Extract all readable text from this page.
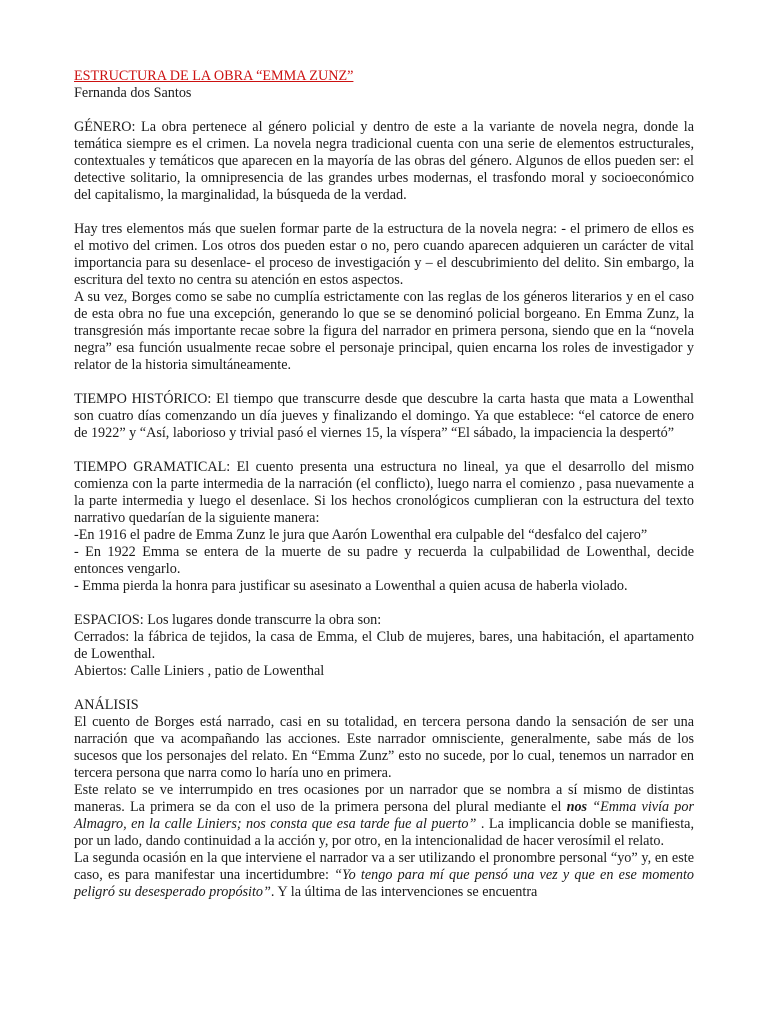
ESTRUCTURA DE LA OBRA “EMMA ZUNZ”

Fernanda dos Santos

GÉNERO: La obra pertenece al género policial y dentro de este a la variante de novela negra, donde la temática siempre es el crimen. La novela negra tradicional cuenta con una serie de elementos estructurales, contextuales y temáticos que aparecen en la mayoría de las obras del género. Algunos de ellos pueden ser: el detective solitario, la omnipresencia de las grandes urbes modernas, el trasfondo moral y socioeconómico del capitalismo, la marginalidad, la búsqueda de la verdad.

Hay tres elementos más que suelen formar parte de la estructura de la novela negra: - el primero de ellos es el motivo del crimen. Los otros dos pueden estar o no, pero cuando aparecen adquieren un carácter de vital importancia para su desenlace- el proceso de investigación y – el descubrimiento del delito. Sin embargo, la escritura del texto no centra su atención en estos aspectos.

A su vez, Borges como se sabe no cumplía estrictamente con las reglas de los géneros literarios y en el caso de esta obra no fue una excepción, generando lo que se se denominó policial borgeano. En Emma Zunz, la transgresión más importante recae sobre la figura del narrador en primera persona, siendo que en la “novela negra” esa función usualmente recae sobre el personaje principal, quien encarna los roles de investigador y relator de la historia simultáneamente.

TIEMPO HISTÓRICO: El tiempo que transcurre desde que descubre la carta hasta que mata a Lowenthal son cuatro días comenzando un día jueves y finalizando el domingo. Ya que establece: “el catorce de enero de 1922” y “Así, laborioso y trivial pasó el viernes 15, la víspera” “El sábado, la impaciencia la despertó”

TIEMPO GRAMATICAL: El cuento presenta una estructura no lineal, ya que el desarrollo del mismo comienza con la parte intermedia de la narración (el conflicto), luego narra el comienzo , pasa nuevamente a la parte intermedia y luego el desenlace. Si los hechos cronológicos cumplieran con la estructura del texto narrativo quedarían de la siguiente manera:

-En 1916 el padre de Emma Zunz le jura que Aarón Lowenthal era culpable del “desfalco del cajero”

- En 1922 Emma se entera de la muerte de su padre y recuerda la culpabilidad de Lowenthal, decide entonces vengarlo.

- Emma pierda la honra para justificar su asesinato a Lowenthal a quien acusa de haberla violado.

ESPACIOS: Los lugares donde transcurre la obra son:

Cerrados: la fábrica de tejidos, la casa de Emma, el Club de mujeres, bares, una habitación, el apartamento de Lowenthal.

Abiertos: Calle Liniers , patio de Lowenthal

ANÁLISIS

El cuento de Borges está narrado, casi en su totalidad, en tercera persona dando la sensación de ser una narración que va acompañando las acciones. Este narrador omnisciente, generalmente, sabe más de los sucesos que los personajes del relato. En “Emma Zunz” esto no sucede, por lo cual, tenemos un narrador en tercera persona que narra como lo haría uno en primera.

Este relato se ve interrumpido en tres ocasiones por un narrador que se nombra a sí mismo de distintas maneras. La primera se da con el uso de la primera persona del plural mediante el nos “Emma vivía por Almagro, en la calle Liniers; nos consta que esa tarde fue al puerto” . La implicancia doble se manifiesta, por un lado, dando continuidad a la acción y, por otro, en la intencionalidad de hacer verosímil el relato.

La segunda ocasión en la que interviene el narrador va a ser utilizando el pronombre personal “yo” y, en este caso, es para manifestar una incertidumbre: “Yo tengo para mí que pensó una vez y que en ese momento peligró su desesperado propósito”. Y la última de las intervenciones se encuentra
